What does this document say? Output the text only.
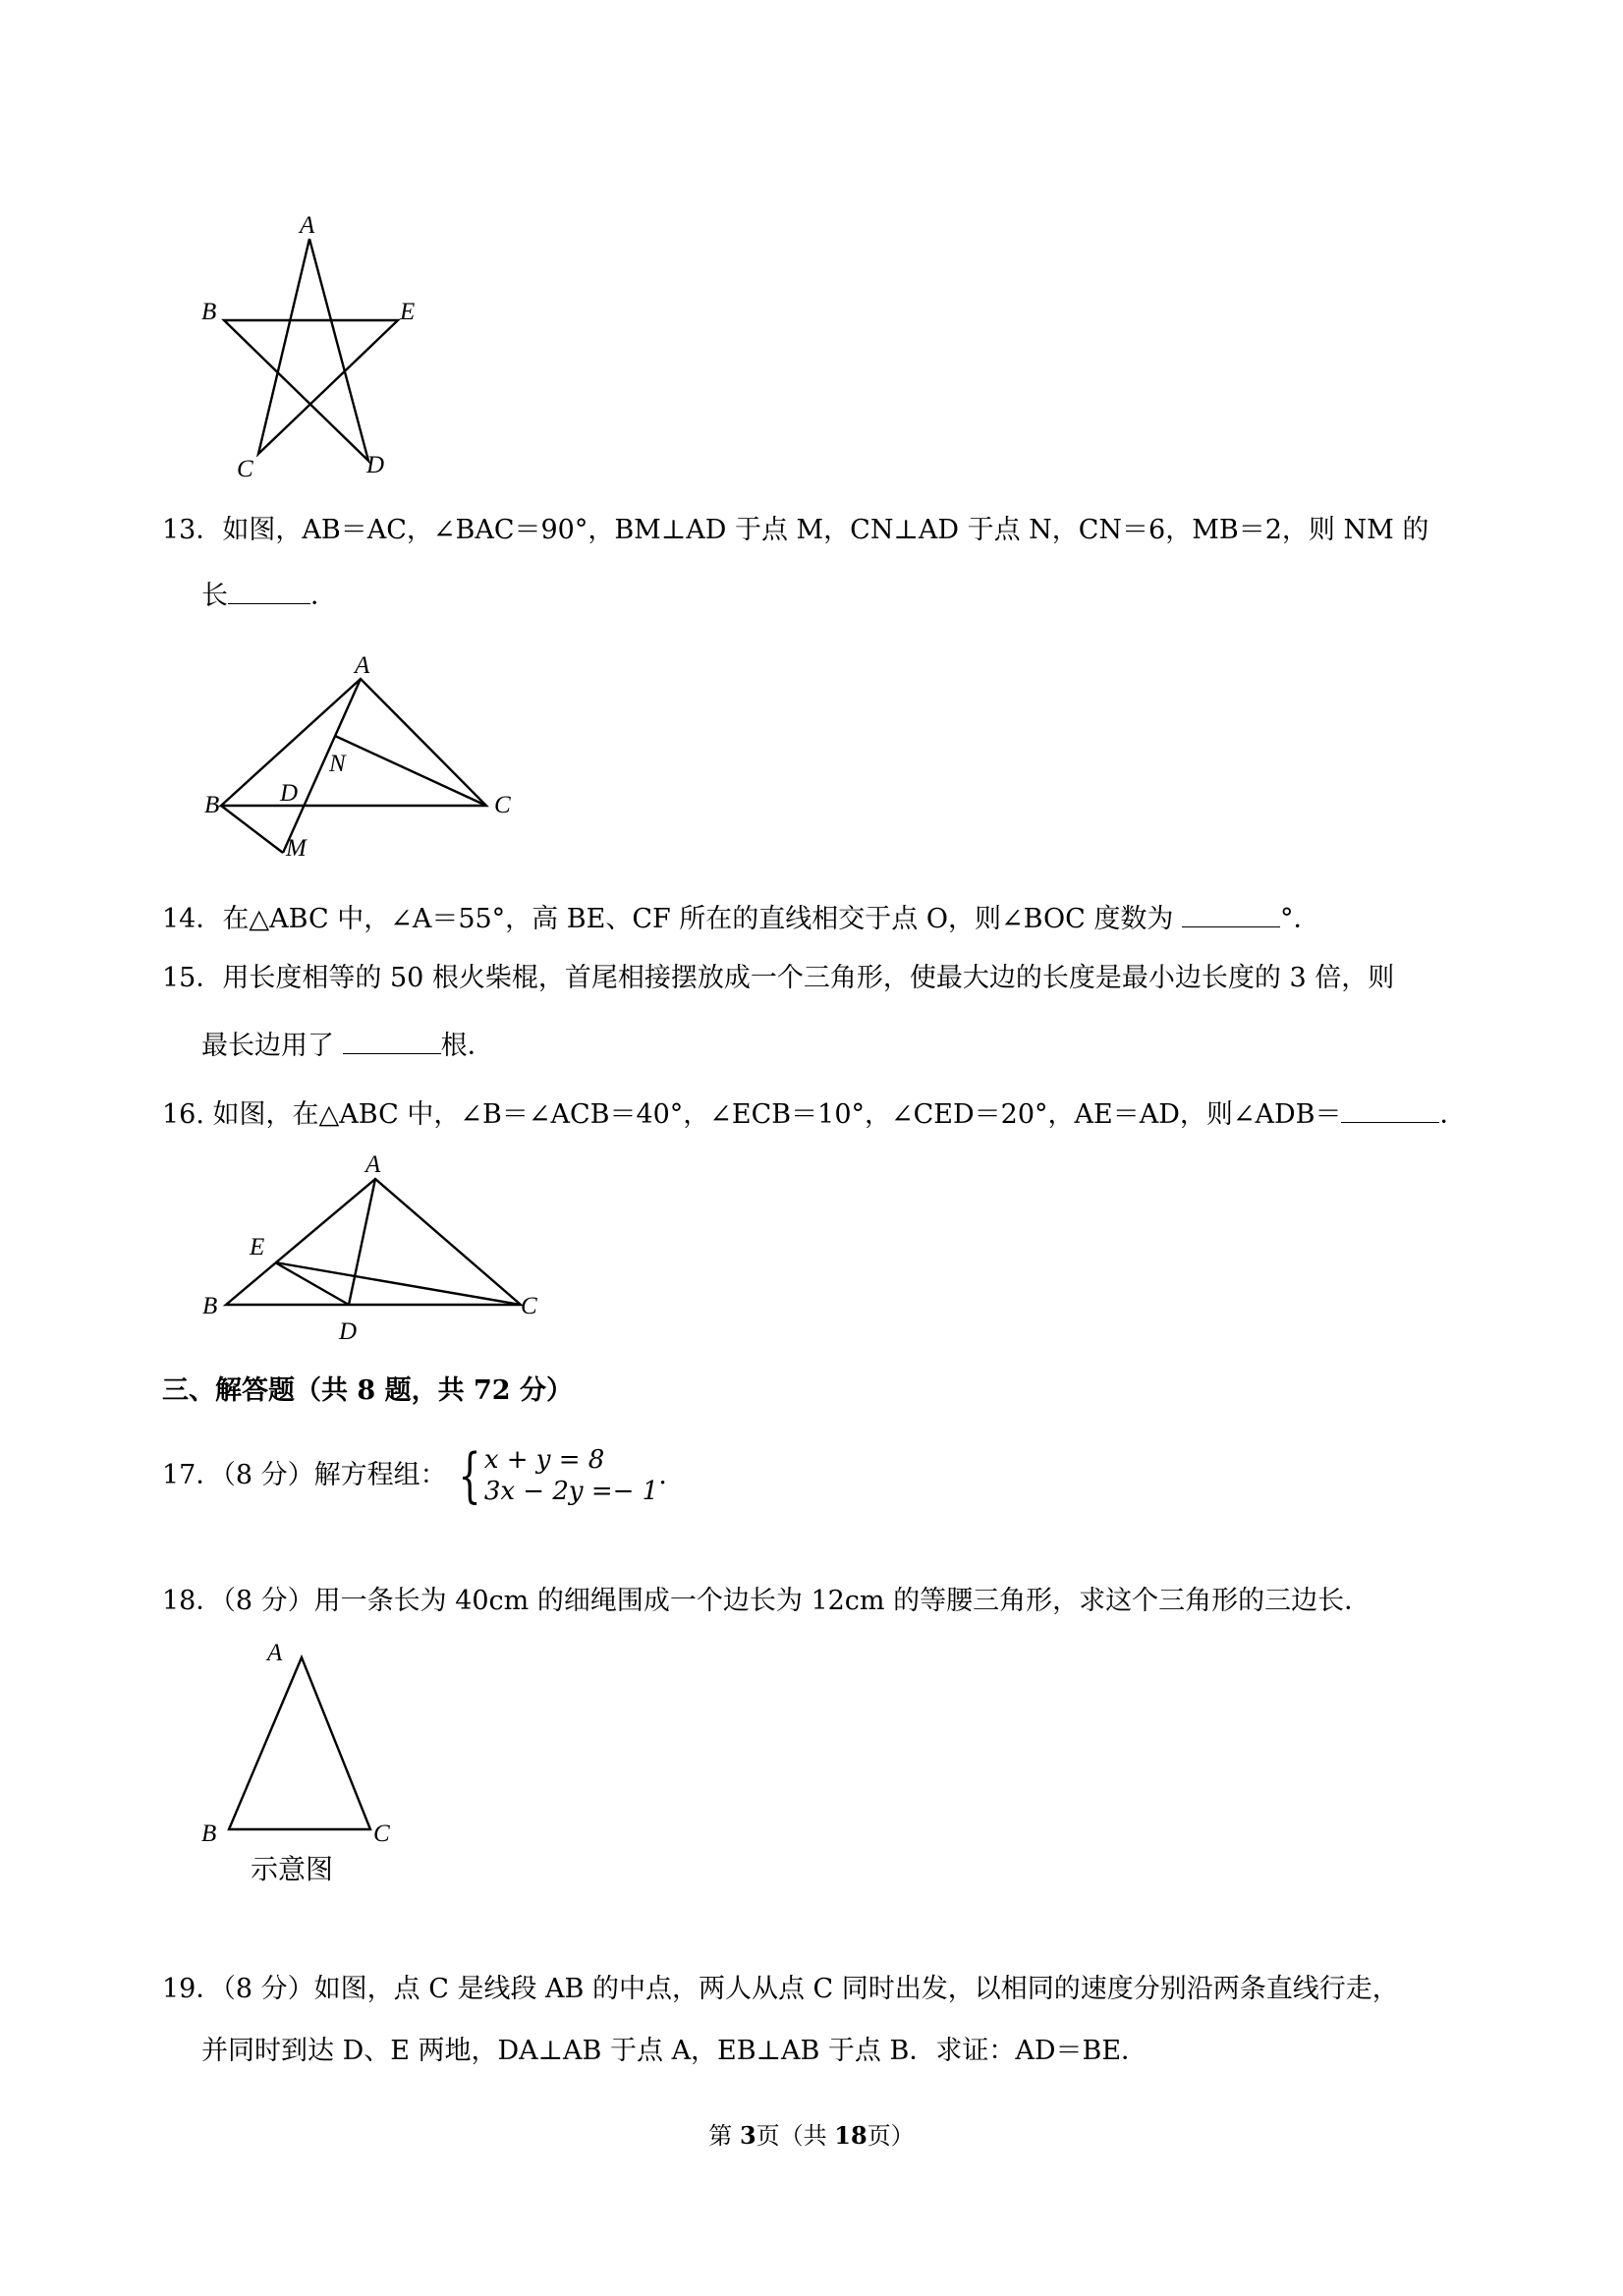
A
B	E
C	D
13．如图，AB＝AC，∠BAC＝90°，BM⊥AD 于点 M，CN⊥AD 于点 N，CN＝6，MB＝2，则 NM 的
长	．
A
N
D
B	C
M
14．在△ABC 中，∠A＝55°，高 BE、CF 所在的直线相交于点 O，则∠BOC 度数为	°．
15．用长度相等的 50 根火柴棍，首尾相接摆放成一个三角形，使最大边的长度是最小边长度的 3 倍，则
最长边用了	根．
16. 如图，在△ABC 中，∠B＝∠ACB＝40°，∠ECB＝10°，∠CED＝20°，AE＝AD，则∠ADB＝	．
A
E
B
D
C
三、解答题（共 8 题，共 72 分）
17．（8 分）解方程组： { x + y = 8
3x − 2y =− 1
.
18．（8 分）用一条长为 40cm 的细绳围成一个边长为 12cm 的等腰三角形，求这个三角形的三边长．
A
B	C
示意图
19．（8 分）如图，点 C 是线段 AB 的中点，两人从点 C 同时出发，以相同的速度分别沿两条直线行走，
并同时到达 D、E 两地，DA⊥AB 于点 A，EB⊥AB 于点 B．求证：AD＝BE．
第 3页（共 18页）
